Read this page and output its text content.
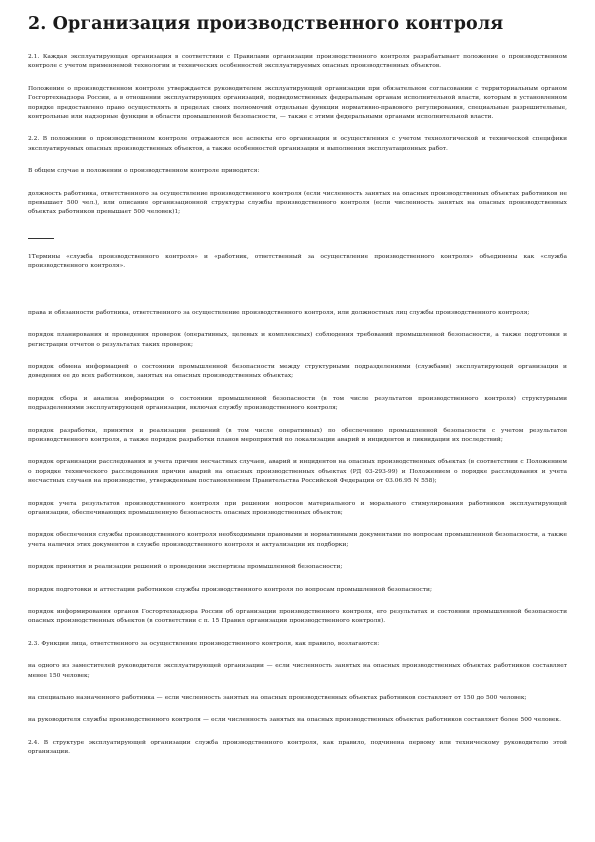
2. Организация производственного контроля

2.1. Каждая эксплуатирующая организация в соответствии с Правилами организации производственного контроля разрабатывает положение о производственном контроле с учетом применяемой технологии и технических особенностей эксплуатируемых опасных производственных объектов.

Положение о производственном контроле утверждается руководителем эксплуатирующей организации при обязательном согласовании с территориальным органом Госгортехнадзора России, а в отношении эксплуатирующих организаций, подведомственных федеральным органам исполнительной власти, которым в установленном порядке предоставлено право осуществлять в пределах своих полномочий отдельные функции нормативно-правового регулирования, специальные разрешительные, контрольные или надзорные функции в области промышленной безопасности, — также с этими федеральными органами исполнительной власти.

2.2. В положении о производственном контроле отражаются все аспекты его организации и осуществления с учетом технологической и технической специфики эксплуатируемых опасных производственных объектов, а также особенностей организации и выполнения эксплуатационных работ.

В общем случае в положении о производственном контроле приводятся:

должность работника, ответственного за осуществление производственного контроля (если численность занятых на опасных производственных объектах работников не превышает 500 чел.), или описание организационной структуры службы производственного контроля (если численность занятых на опасных производственных объектах работников превышает 500 человек)1;

1Термины «служба производственного контроля» и «работник, ответственный за осуществление производственного контроля» объединены как «служба производственного контроля».

права и обязанности работника, ответственного за осуществление производственного контроля, или должностных лиц службы производственного контроля;

порядок планирования и проведения проверок (оперативных, целевых и комплексных) соблюдения требований промышленной безопасности, а также подготовки и регистрации отчетов о результатах таких проверок;

порядок обмена информацией о состоянии промышленной безопасности между структурными подразделениями (службами) эксплуатирующей организации и доведения ее до всех работников, занятых на опасных производственных объектах;

порядок сбора и анализа информации о состоянии промышленной безопасности (в том числе результатов производственного контроля) структурными подразделениями эксплуатирующей организации, включая службу производственного контроля;

порядок разработки, принятия и реализации решений (в том числе оперативных) по обеспечению промышленной безопасности с учетом результатов производственного контроля, а также порядок разработки планов мероприятий по локализации аварий и инцидентов и ликвидации их последствий;

порядок организации расследования и учета причин несчастных случаев, аварий и инцидентов на опасных производственных объектах (в соответствии с Положением о порядке технического расследования причин аварий на опасных производственных объектах (РД 03-293-99) и Положением о порядке расследования и учета несчастных случаев на производстве, утвержденным постановлением Правительства Российской Федерации от 03.06.95 N 558);

порядок учета результатов производственного контроля при решении вопросов материального и морального стимулирования работников эксплуатирующей организации, обеспечивающих промышленную безопасность опасных производственных объектов;

порядок обеспечения службы производственного контроля необходимыми правовыми и нормативными документами по вопросам промышленной безопасности, а также учета наличия этих документов в службе производственного контроля и актуализации их подборки;

порядок принятия и реализации решений о проведении экспертизы промышленной безопасности;

порядок подготовки и аттестации работников службы производственного контроля по вопросам промышленной безопасности;

порядок информирования органов Госгортехнадзора России об организации производственного контроля, его результатах и состоянии промышленной безопасности опасных производственных объектов (в соответствии с п. 15 Правил организации производственного контроля).

2.3. Функции лица, ответственного за осуществление производственного контроля, как правило, возлагаются:

на одного из заместителей руководителя эксплуатирующей организации — если численность занятых на опасных производственных объектах работников составляет менее 150 человек;

на специально назначенного работника — если численность занятых на опасных производственных объектах работников составляет от 150 до 500 человек;

на руководителя службы производственного контроля — если численность занятых на опасных производственных объектах работников составляет более 500 человек.

2.4. В структуре эксплуатирующей организации служба производственного контроля, как правило, подчинена первому или техническому руководителю этой организации.
